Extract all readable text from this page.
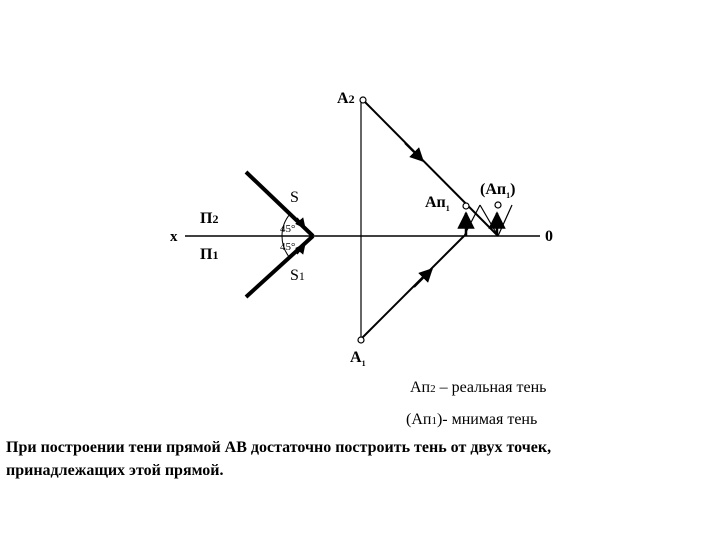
A2
$A_1$
$Ап_1$
$(Ап_1)$
S
S1
П2
П1
x	0
45°
45°
Ап2 – реальная тень
(Ап1)- мнимая тень
При построении тени прямой АВ достаточно построить тень от двух точек,
принадлежащих этой прямой.
